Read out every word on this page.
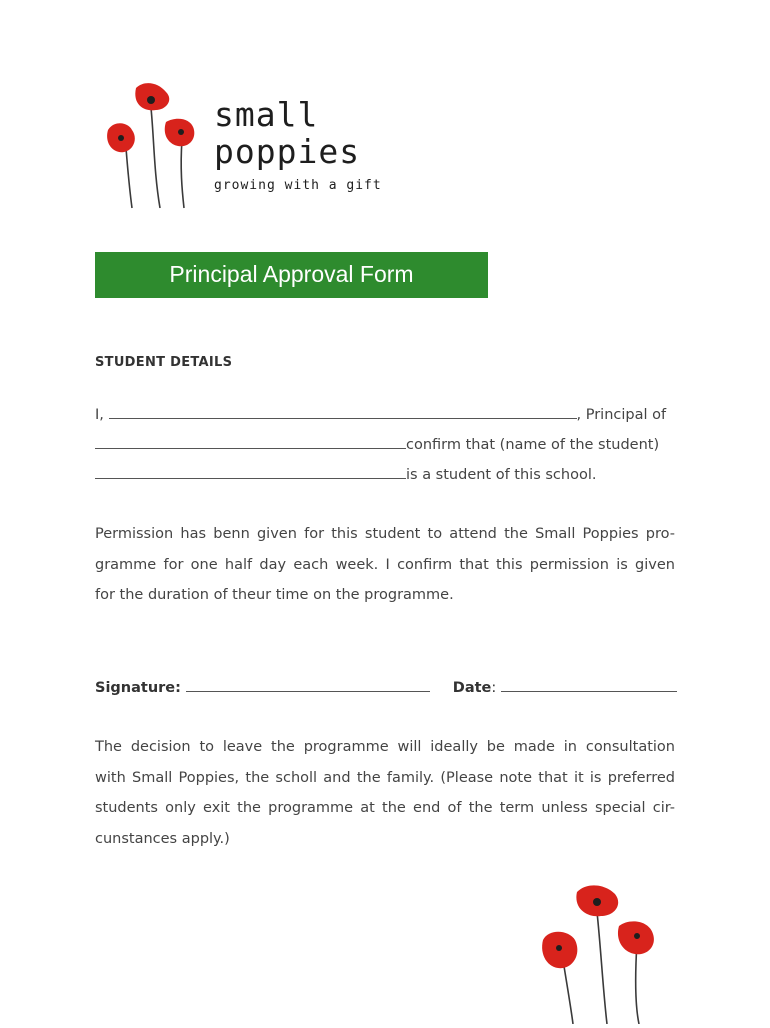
small
poppies
growing with a gift
Principal Approval Form
STUDENT DETAILS
I,	, Principal of
confirm that (name of the student)
is a student of this school.
Permission has benn given for this student to attend the Small Poppies pro-
gramme for one half day each week. I confirm that this permission is given
for the duration of theur time on the programme.
Signature:	Date:
The decision to leave the programme will ideally be made in consultation
with Small Poppies, the scholl and the family. (Please note that it is preferred
students only exit the programme at the end of the term unless special cir-
cunstances apply.)
